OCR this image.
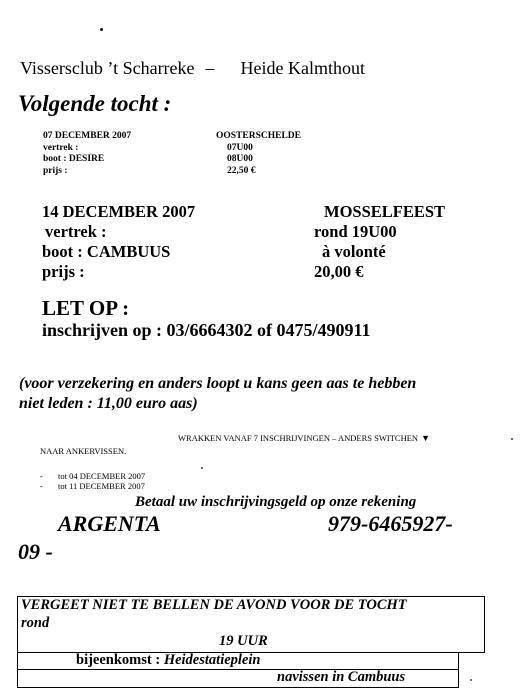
Vissersclub ’t Scharreke – Heide Kalmthout
Volgende tocht :
07 DECEMBER 2007
vertrek :
boot : DESIRE
prijs :
OOSTERSCHELDE
07U00
08U00
22,50 €
14 DECEMBER 2007
vertrek :
boot : CAMBUUS
prijs :
MOSSELFEEST
rond 19U00
à volonté
20,00 €
LET OP :
inschrijven op : 03/6664302 of 0475/490911
(voor verzekering en anders loopt u kans geen aas te hebben
niet leden : 11,00 euro aas)
WRAKKEN VANAF 7 INSCHRIJVINGEN – ANDERS SWITCHEN ▼
NAAR ANKERVISSEN.
- tot 04 DECEMBER 2007
- tot 11 DECEMBER 2007
Betaal uw inschrijvingsgeld op onze rekening
ARGENTA	979-6465927-
09 -
VERGEET NIET TE BELLEN DE AVOND VOOR DE TOCHT
rond
19 UUR
bijeenkomst : Heidestatieplein
navissen in Cambuus
